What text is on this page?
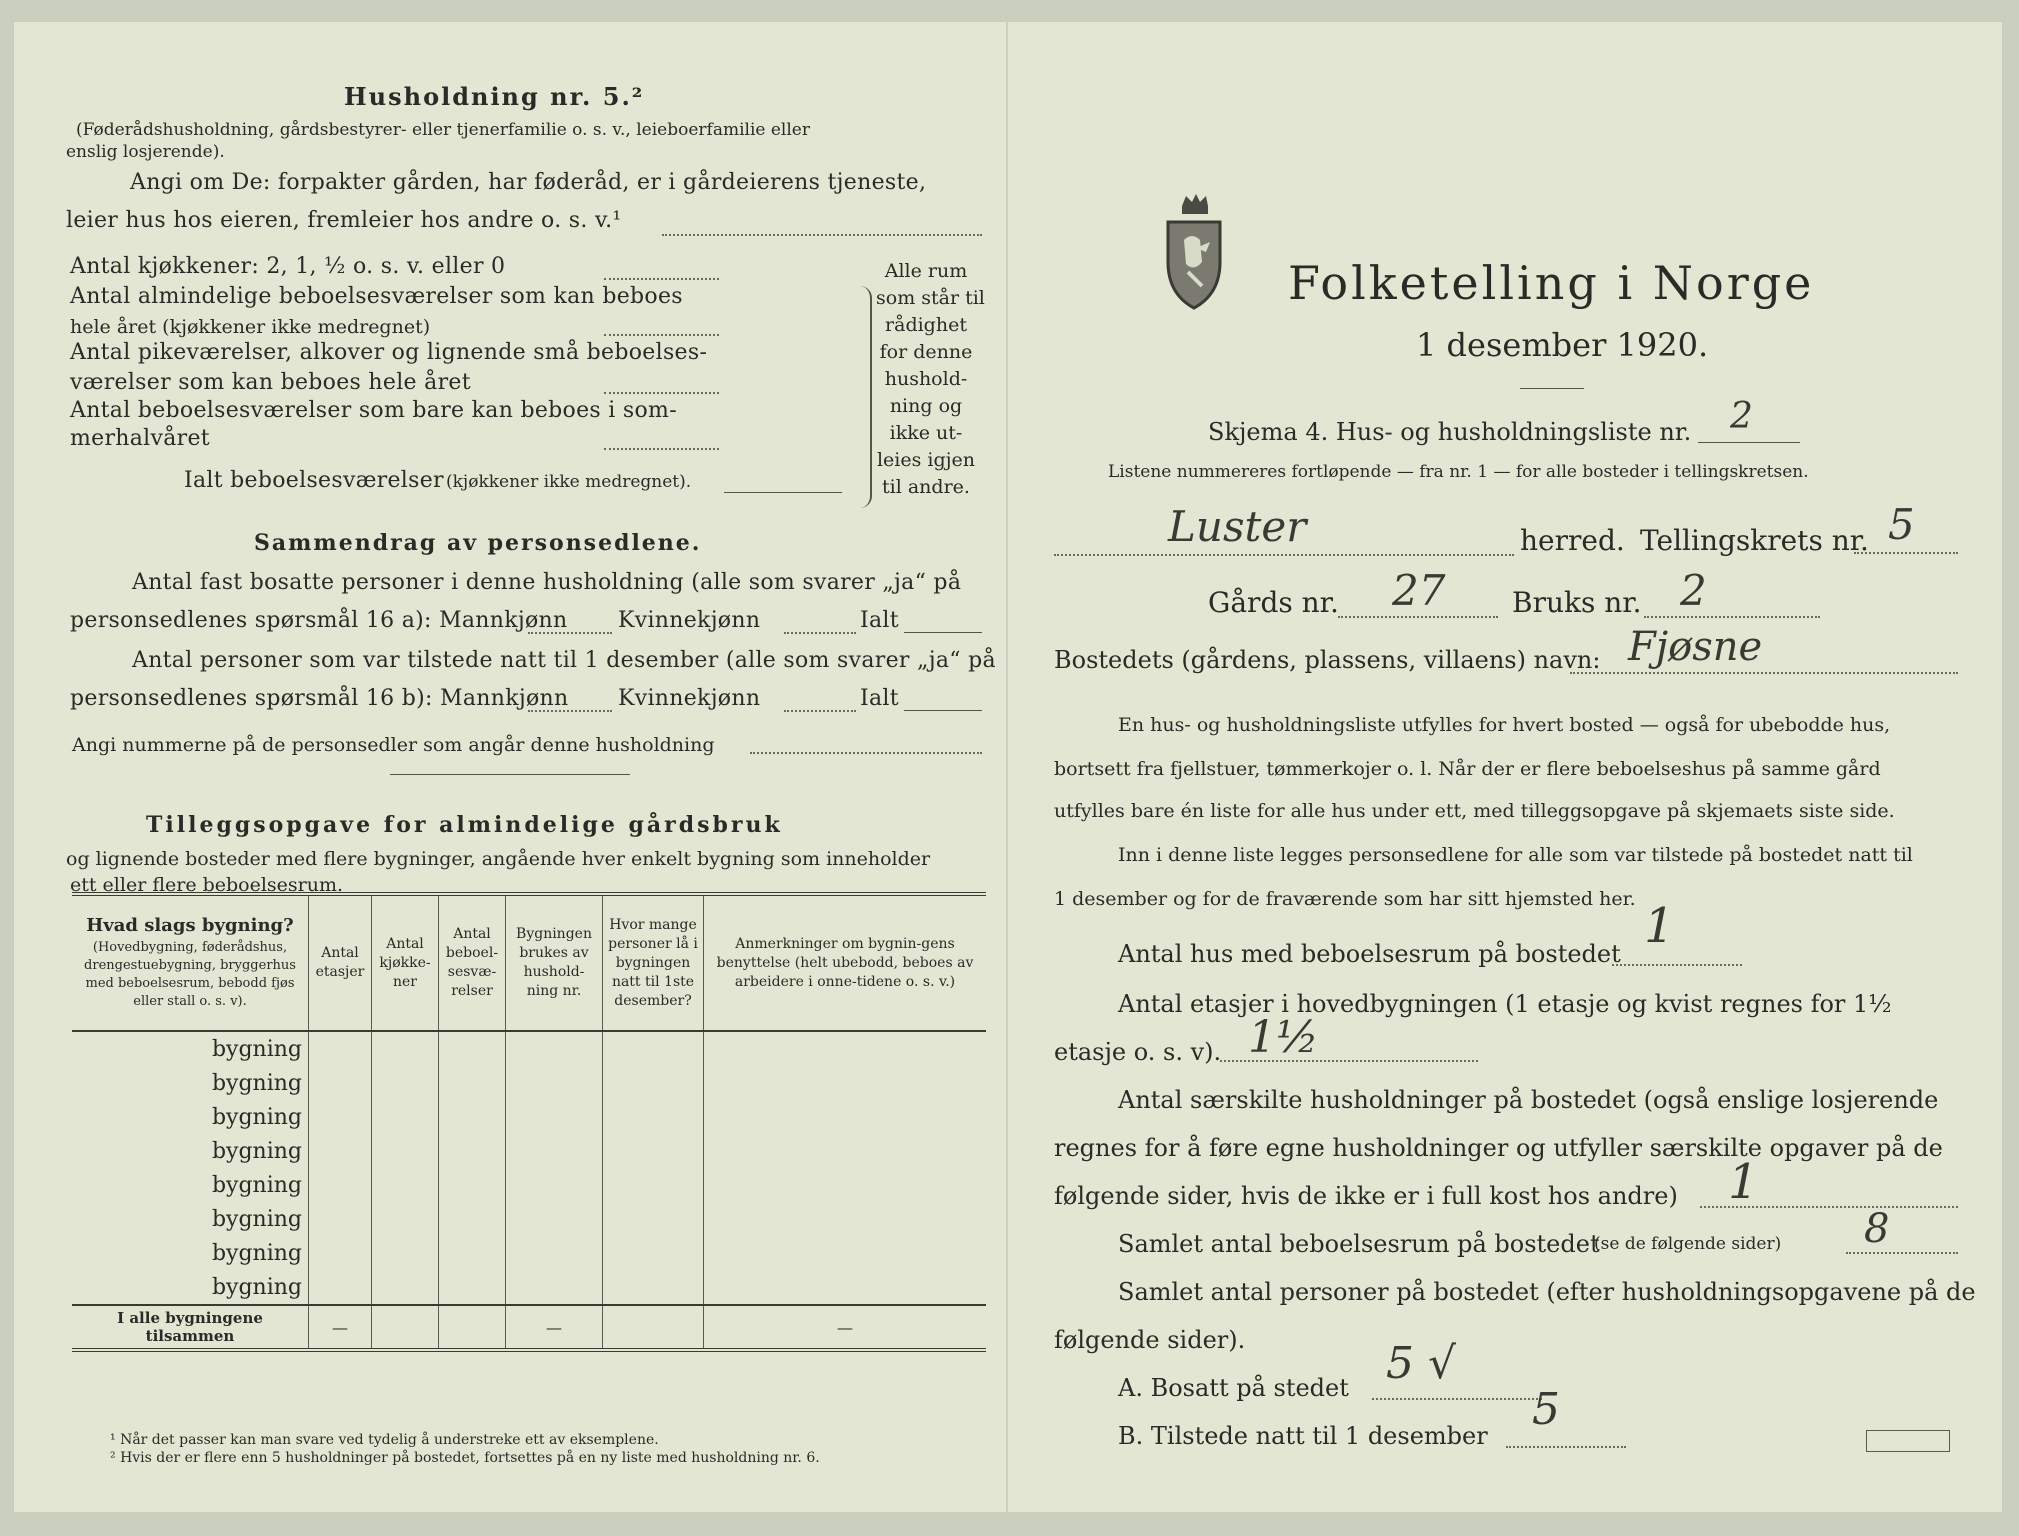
Husholdning nr. 5.²
(Føderådshusholdning, gårdsbestyrer- eller tjenerfamilie o. s. v., leieboerfamilie eller
enslig losjerende).
Angi om De: forpakter gården, har føderåd, er i gårdeierens tjeneste,
leier hus hos eieren, fremleier hos andre o. s. v.¹
Antal kjøkkener: 2, 1, ½ o. s. v. eller 0
Antal almindelige beboelsesværelser som kan beboes
hele året (kjøkkener ikke medregnet)
Antal pikeværelser, alkover og lignende små beboelses-
værelser som kan beboes hele året
Antal beboelsesværelser som bare kan beboes i som-
merhalvåret
Ialt beboelsesværelser (kjøkkener ikke medregnet).
Alle rum
som står til
rådighet
for denne
hushold-
ning og
ikke ut-
leies igjen
til andre.
Sammendrag av personsedlene.
Antal fast bosatte personer i denne husholdning (alle som svarer „ja“ på
personsedlenes spørsmål 16 a): Mannkjønn Kvinnekjønn	Ialt
Antal personer som var tilstede natt til 1 desember (alle som svarer „ja“ på
personsedlenes spørsmål 16 b): Mannkjønn Kvinnekjønn	Ialt
Angi nummerne på de personsedler som angår denne husholdning
Tilleggsopgave for almindelige gårdsbruk
og lignende bosteder med flere bygninger, angående hver enkelt bygning som inneholder
ett eller flere beboelsesrum.
Hvad slags bygning?
(Hovedbygning, føderådshus, drengestuebygning, bryggerhus med beboelsesrum, bebodd fjøs eller stall o. s. v).	Antal etasjer	Antal kjøkke-ner	Antal beboel-sesvæ-relser	Bygningen brukes av hushold-ning nr.	Hvor mange personer lå i bygningen natt til 1ste desember?	Anmerkninger om bygnin-gens benyttelse (helt ubebodd, beboes av arbeidere i onne-tidene o. s. v.)
bygning						
bygning						
bygning						
bygning						
bygning						
bygning						
bygning						
bygning						
I alle bygningene tilsammen	—			—		—
¹ Når det passer kan man svare ved tydelig å understreke ett av eksemplene.
² Hvis der er flere enn 5 husholdninger på bostedet, fortsettes på en ny liste med husholdning nr. 6.
Folketelling i Norge
1 desember 1920.
Skjema 4. Hus- og husholdningsliste nr. 2
Listene nummereres fortløpende — fra nr. 1 — for alle bosteder i tellingskretsen.
Luster	herred. Tellingskrets nr. 5
Gårds nr. 27 Bruks nr. 2
Bostedets (gårdens, plassens, villaens) navn: Fjøsne
En hus- og husholdningsliste utfylles for hvert bosted — også for ubebodde hus,
bortsett fra fjellstuer, tømmerkojer o. l. Når der er flere beboelseshus på samme gård
utfylles bare én liste for alle hus under ett, med tilleggsopgave på skjemaets siste side.
Inn i denne liste legges personsedlene for alle som var tilstede på bostedet natt til
1 desember og for de fraværende som har sitt hjemsted her.
Antal hus med beboelsesrum på bostedet 1
Antal etasjer i hovedbygningen (1 etasje og kvist regnes for 1½
etasje o. s. v). 1½
Antal særskilte husholdninger på bostedet (også enslige losjerende
regnes for å føre egne husholdninger og utfyller særskilte opgaver på de
følgende sider, hvis de ikke er i full kost hos andre) 1
Samlet antal beboelsesrum på bostedet
(se de følgende sider) 8
Samlet antal personer på bostedet (efter husholdningsopgavene på de
følgende sider).
A. Bosatt på stedet 5 √
B. Tilstede natt til 1 desember
5
